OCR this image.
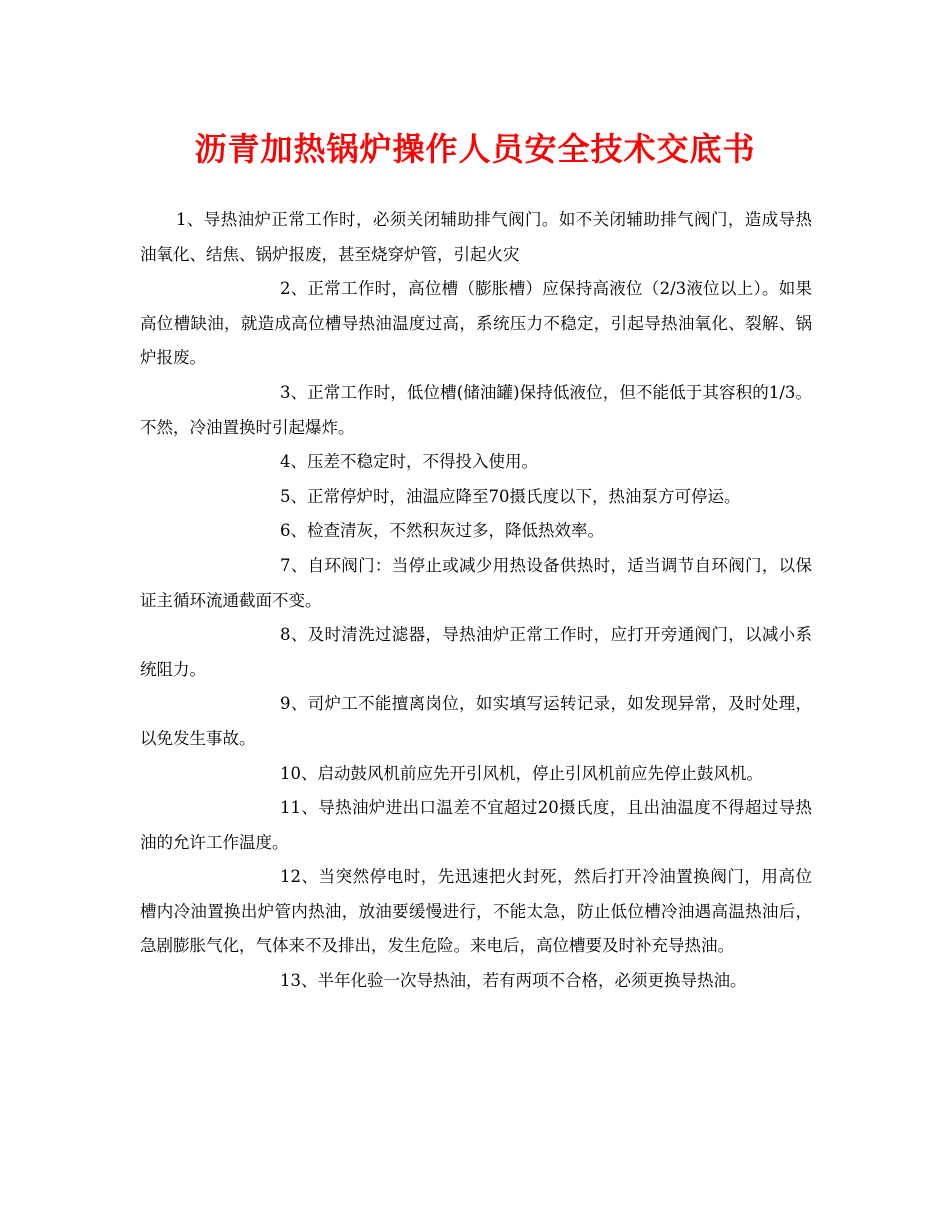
沥青加热锅炉操作人员安全技术交底书

1、导热油炉正常工作时，必须关闭辅助排气阀门。如不关闭辅助排气阀门，造成导热油氧化、结焦、锅炉报废，甚至烧穿炉管，引起火灾

2、正常工作时，高位槽（膨胀槽）应保持高液位（2/3液位以上）。如果高位槽缺油，就造成高位槽导热油温度过高，系统压力不稳定，引起导热油氧化、裂解、锅炉报废。

3、正常工作时，低位槽(储油罐)保持低液位，但不能低于其容积的1/3。不然，冷油置换时引起爆炸。

4、压差不稳定时，不得投入使用。

5、正常停炉时，油温应降至70摄氏度以下，热油泵方可停运。

6、检查清灰，不然积灰过多，降低热效率。

7、自环阀门：当停止或减少用热设备供热时，适当调节自环阀门，以保证主循环流通截面不变。

8、及时清洗过滤器，导热油炉正常工作时，应打开旁通阀门，以减小系统阻力。

9、司炉工不能擅离岗位，如实填写运转记录，如发现异常，及时处理，以免发生事故。

10、启动鼓风机前应先开引风机，停止引风机前应先停止鼓风机。

11、导热油炉进出口温差不宜超过20摄氏度，且出油温度不得超过导热油的允许工作温度。

12、当突然停电时，先迅速把火封死，然后打开冷油置换阀门，用高位槽内冷油置换出炉管内热油，放油要缓慢进行，不能太急，防止低位槽冷油遇高温热油后，急剧膨胀气化，气体来不及排出，发生危险。来电后，高位槽要及时补充导热油。

13、半年化验一次导热油，若有两项不合格，必须更换导热油。
